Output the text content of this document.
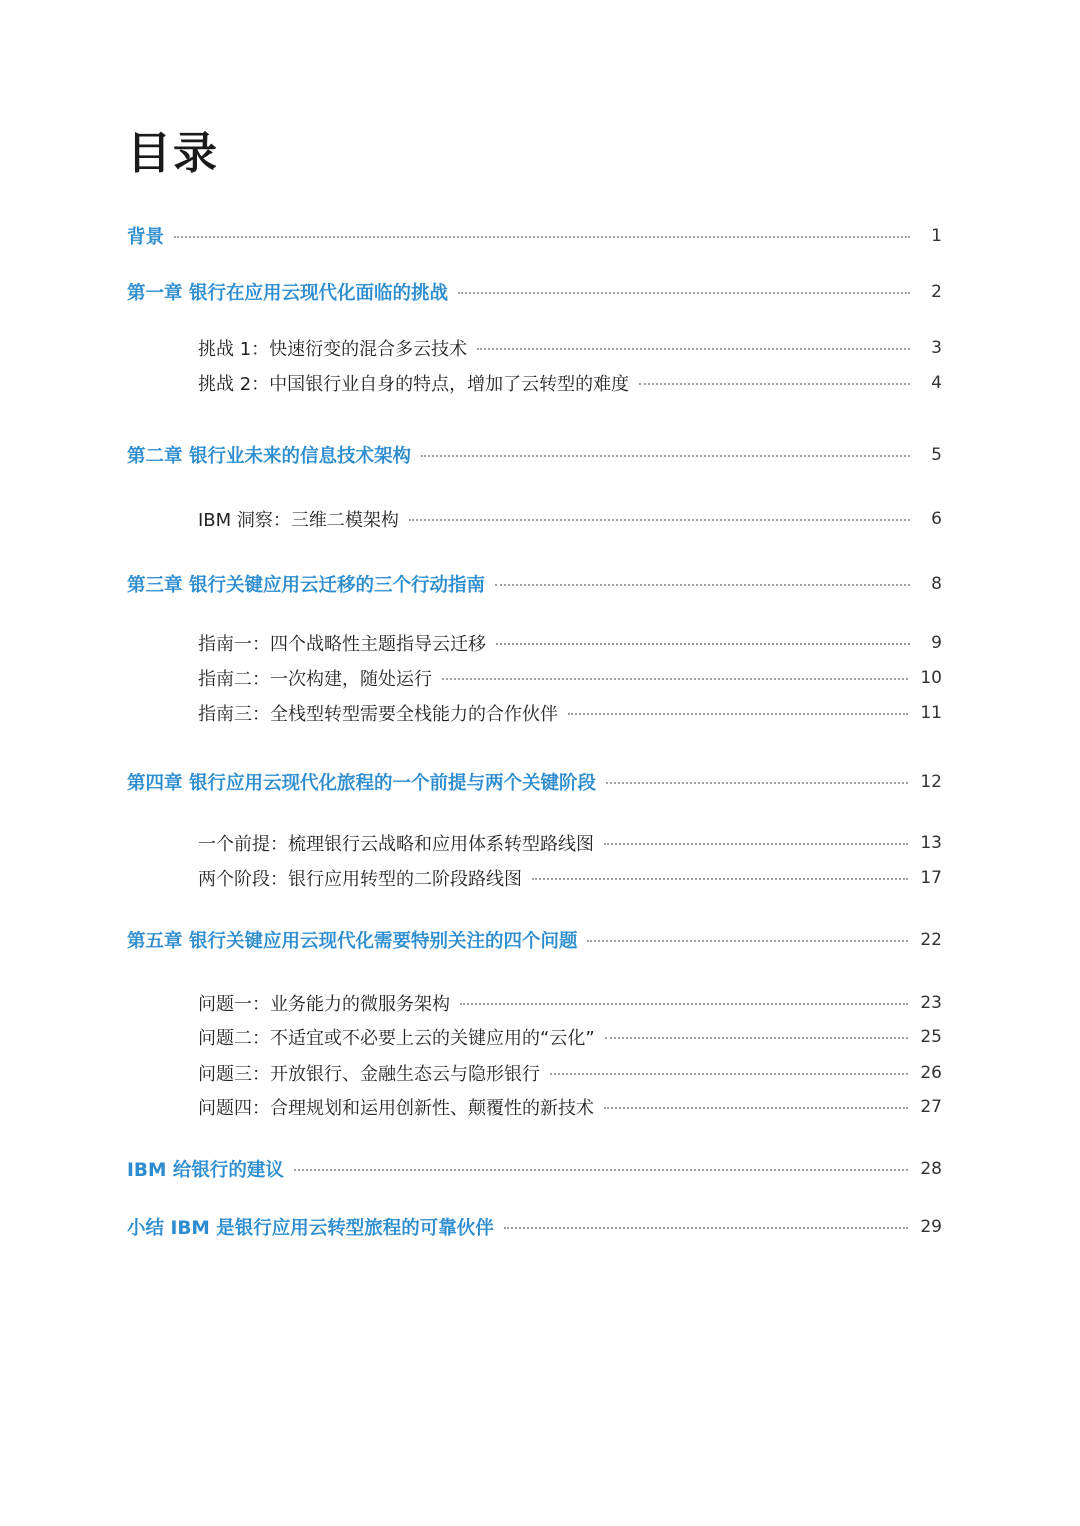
目录
背景	1
第一章 银行在应用云现代化面临的挑战	2
挑战 1：快速衍变的混合多云技术	3
挑战 2：中国银行业自身的特点，增加了云转型的难度	4
第二章 银行业未来的信息技术架构	5
IBM 洞察：三维二模架构	6
第三章 银行关键应用云迁移的三个行动指南	8
指南一：四个战略性主题指导云迁移	9
指南二：一次构建，随处运行	10
指南三：全栈型转型需要全栈能力的合作伙伴	11
第四章 银行应用云现代化旅程的一个前提与两个关键阶段	12
一个前提：梳理银行云战略和应用体系转型路线图	13
两个阶段：银行应用转型的二阶段路线图	17
第五章 银行关键应用云现代化需要特别关注的四个问题	22
问题一：业务能力的微服务架构	23
问题二：不适宜或不必要上云的关键应用的“云化”	25
问题三：开放银行、金融生态云与隐形银行	26
问题四：合理规划和运用创新性、颠覆性的新技术	27
IBM 给银行的建议	28
小结 IBM 是银行应用云转型旅程的可靠伙伴	29
